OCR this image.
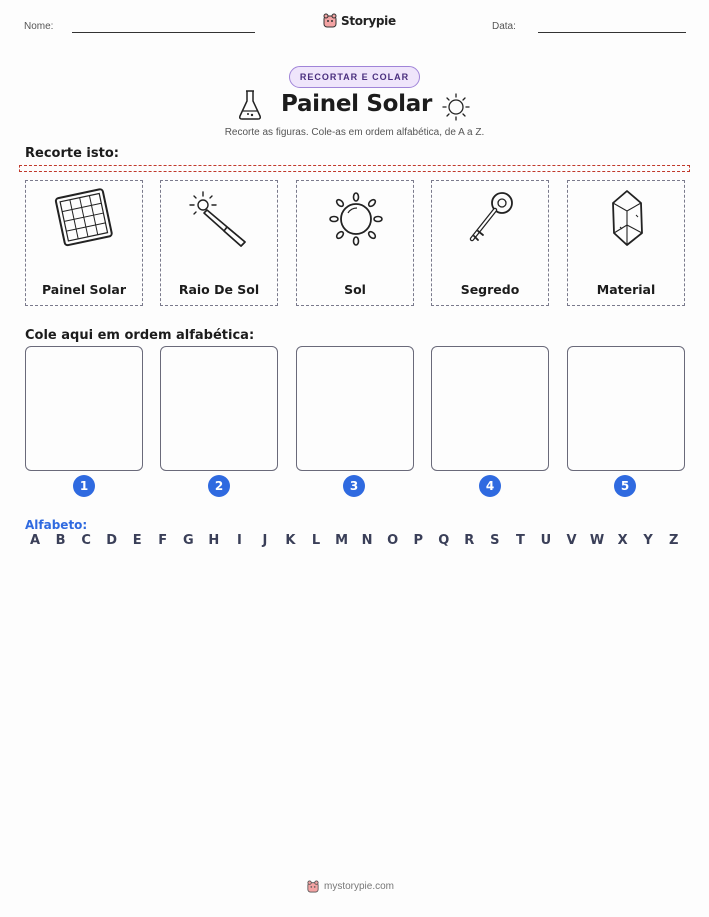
Nome:	Storypie	Data:
RECORTAR E COLAR
Painel Solar
Recorte as figuras. Cole-as em ordem alfabética, de A a Z.
Recorte isto:
Painel Solar	Raio De Sol	Sol	Segredo	Material
Cole aqui em ordem alfabética:
1	2	3	4	5
Alfabeto:
A B C D E F G H	I	J	K L M N O P Q R S T U V W X Y Z
mystorypie.com
